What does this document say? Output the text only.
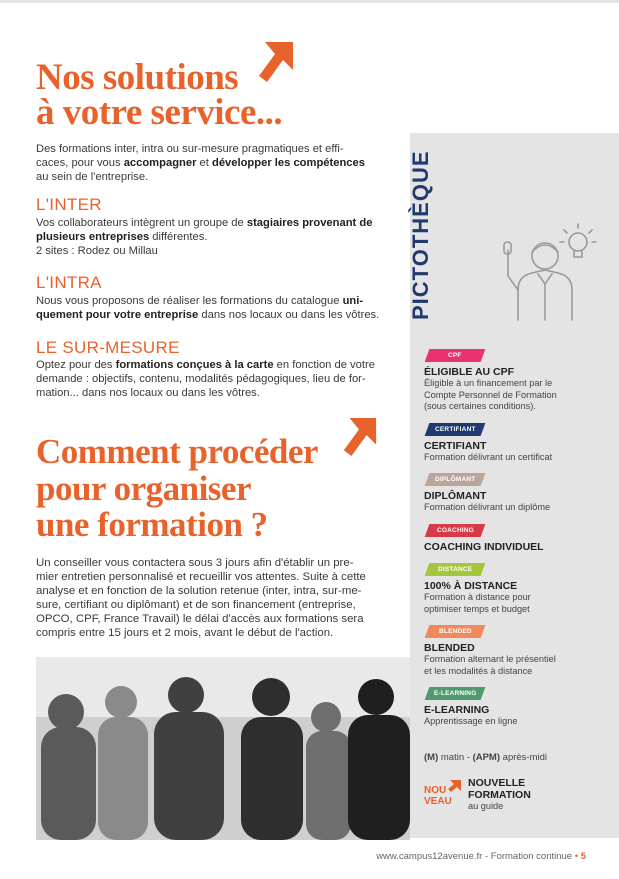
Nos solutions
à votre service...

Des formations inter, intra ou sur-mesure pragmatiques et effi-
caces, pour vous accompagner et développer les compétences
au sein de l'entreprise.

L'INTER

Vos collaborateurs intègrent un groupe de stagiaires provenant de
plusieurs entreprises différentes.
2 sites : Rodez ou Millau

L'INTRA

Nous vous proposons de réaliser les formations du catalogue uni-
quement pour votre entreprise dans nos locaux ou dans les vôtres.

LE SUR-MESURE

Optez pour des formations conçues à la carte en fonction de votre
demande : objectifs, contenu, modalités pédagogiques, lieu de for-
mation... dans nos locaux ou dans les vôtres.

Comment procéder
pour organiser
une formation ?

Un conseiller vous contactera sous 3 jours afin d'établir un pre-
mier entretien personnalisé et recueillir vos attentes. Suite à cette
analyse et en fonction de la solution retenue (inter, intra, sur-me-
sure, certifiant ou diplômant) et de son financement (entreprise,
OPCO, CPF, France Travail) le délai d'accès aux formations sera
compris entre 15 jours et 2 mois, avant le début de l'action.

PICTOTHÈQUE
CPF

ÉLIGIBLE AU CPF

Éligible à un financement par le
Compte Personnel de Formation
(sous certaines conditions).

CERTIFIANT

CERTIFIANT

Formation délivrant un certificat

DIPLÔMANT

DIPLÔMANT

Formation délivrant un diplôme

COACHING

COACHING INDIVIDUEL

DISTANCE

100% À DISTANCE

Formation à distance pour
optimiser temps et budget

BLENDED

BLENDED

Formation alternant le présentiel
et les modalités à distance

E-LEARNING

E-LEARNING

Apprentissage en ligne

(M) matin - (APM) après-midi

NOU
VEAU

NOUVELLE

FORMATION

au guide

www.campus12avenue.fr - Formation continue • 5
